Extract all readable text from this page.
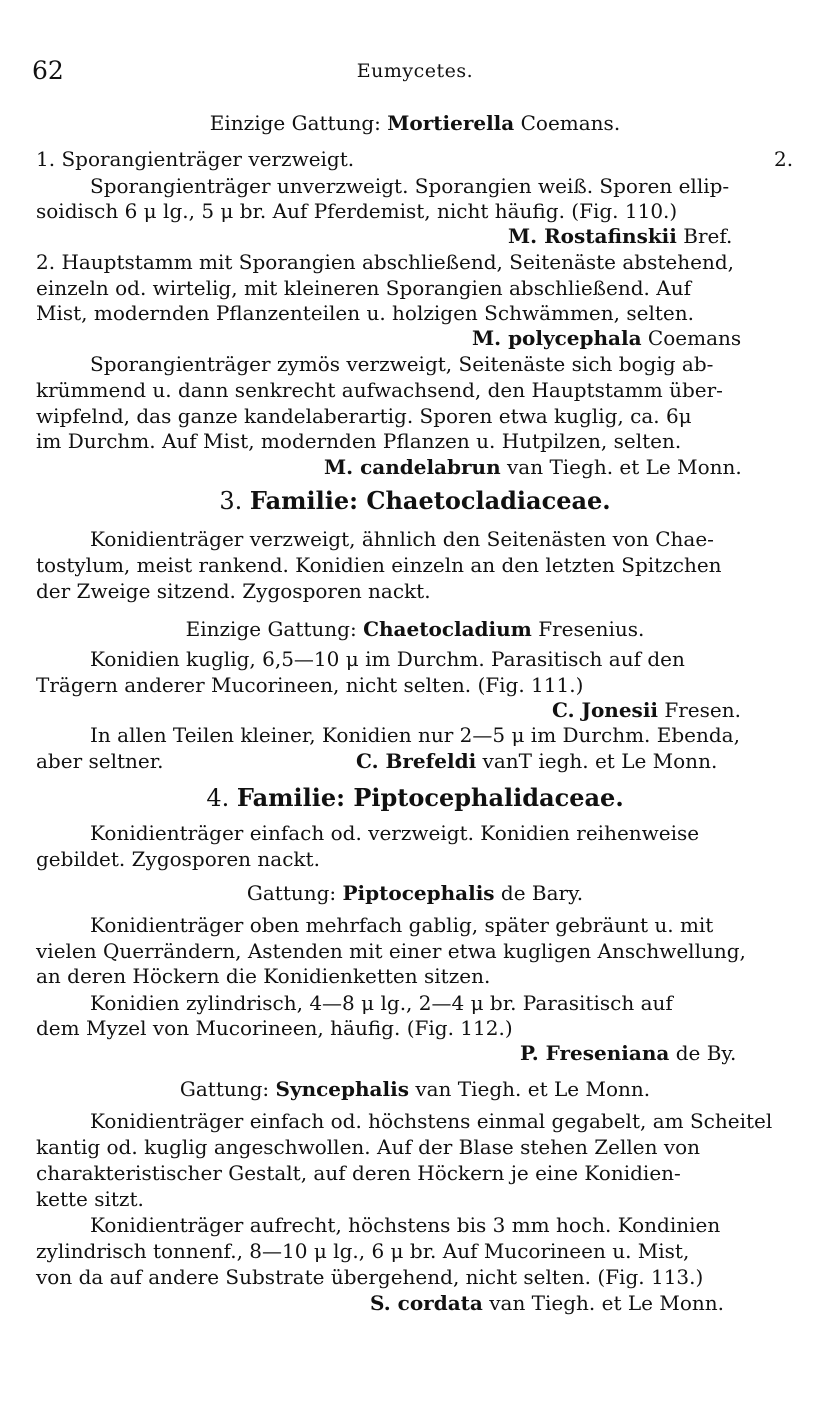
62	Eumycetes.
Einzige Gattung: Mortierella Coemans.
1. Sporangienträger verzweigt.	2.
Sporangienträger unverzweigt. Sporangien weiß. Sporen ellip-
soidisch 6 μ lg., 5 μ br. Auf Pferdemist, nicht häufig. (Fig. 110.)
M. Rostafinskii Bref.
2. Hauptstamm mit Sporangien abschließend, Seitenäste abstehend,
einzeln od. wirtelig, mit kleineren Sporangien abschließend. Auf
Mist, modernden Pflanzenteilen u. holzigen Schwämmen, selten.
M. polycephala Coemans
Sporangienträger zymös verzweigt, Seitenäste sich bogig ab-
krümmend u. dann senkrecht aufwachsend, den Hauptstamm über-
wipfelnd, das ganze kandelaberartig. Sporen etwa kuglig, ca. 6μ
im Durchm. Auf Mist, modernden Pflanzen u. Hutpilzen, selten.
M. candelabrun van Tiegh. et Le Monn.
3. Familie: Chaetocladiaceae.
Konidienträger verzweigt, ähnlich den Seitenästen von Chae-
tostylum, meist rankend. Konidien einzeln an den letzten Spitzchen
der Zweige sitzend. Zygosporen nackt.
Einzige Gattung: Chaetocladium Fresenius.
Konidien kuglig, 6,5—10 μ im Durchm. Parasitisch auf den
Trägern anderer Mucorineen, nicht selten. (Fig. 111.)
C. Jonesii Fresen.
In allen Teilen kleiner, Konidien nur 2—5 μ im Durchm. Ebenda,
aber seltner.	C. Brefeldi vanT iegh. et Le Monn.
4. Familie: Piptocephalidaceae.
Konidienträger einfach od. verzweigt. Konidien reihenweise
gebildet. Zygosporen nackt.
Gattung: Piptocephalis de Bary.
Konidienträger oben mehrfach gablig, später gebräunt u. mit
vielen Querrändern, Astenden mit einer etwa kugligen Anschwellung,
an deren Höckern die Konidienketten sitzen.
Konidien zylindrisch, 4—8 μ lg., 2—4 μ br. Parasitisch auf
dem Myzel von Mucorineen, häufig. (Fig. 112.)
P. Freseniana de By.
Gattung: Syncephalis van Tiegh. et Le Monn.
Konidienträger einfach od. höchstens einmal gegabelt, am Scheitel
kantig od. kuglig angeschwollen. Auf der Blase stehen Zellen von
charakteristischer Gestalt, auf deren Höckern je eine Konidien-
kette sitzt.
Konidienträger aufrecht, höchstens bis 3 mm hoch. Kondinien
zylindrisch tonnenf., 8—10 μ lg., 6 μ br. Auf Mucorineen u. Mist,
von da auf andere Substrate übergehend, nicht selten. (Fig. 113.)
S. cordata van Tiegh. et Le Monn.
